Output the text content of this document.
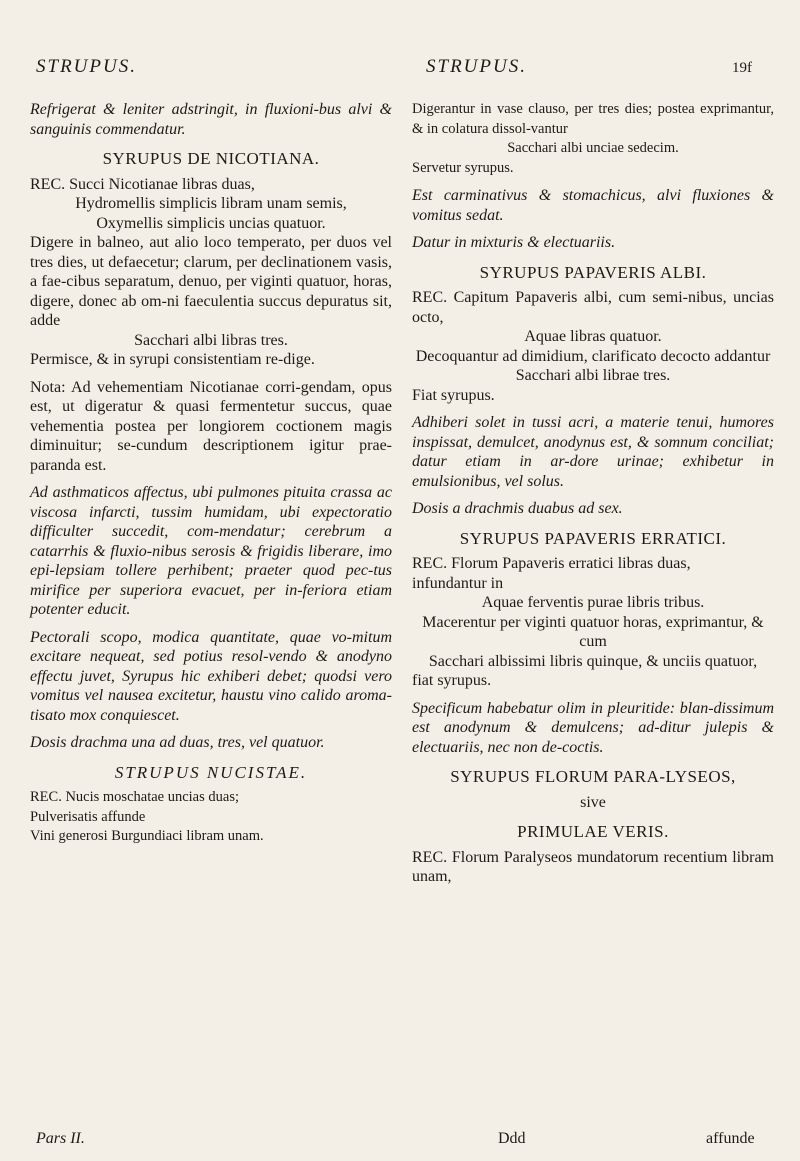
STRUPUS.	STRUPUS.	19f

Refrigerat & leniter adstringit, in fluxioni-bus alvi & sanguinis commendatur.

SYRUPUS DE NICOTIANA.

REC. Succi Nicotianae libras duas,

Hydromellis simplicis libram unam semis,

Oxymellis simplicis uncias quatuor.

Digere in balneo, aut alio loco temperato, per duos vel tres dies, ut defaecetur; clarum, per declinationem vasis, a fae-cibus separatum, denuo, per viginti quatuor, horas, digere, donec ab om-ni faeculentia succus depuratus sit, adde

Sacchari albi libras tres.

Permisce, & in syrupi consistentiam re-dige.

Nota: Ad vehementiam Nicotianae corri-gendam, opus est, ut digeratur & quasi fermentetur succus, quae vehementia postea per longiorem coctionem magis diminuitur; se-cundum descriptionem igitur prae-paranda est.

Ad asthmaticos affectus, ubi pulmones pituita crassa ac viscosa infarcti, tussim humidam, ubi expectoratio difficulter succedit, com-mendatur; cerebrum a catarrhis & fluxio-nibus serosis & frigidis liberare, imo epi-lepsiam tollere perhibent; praeter quod pec-tus mirifice per superiora evacuet, per in-feriora etiam potenter educit.

Pectorali scopo, modica quantitate, quae vo-mitum excitare nequeat, sed potius resol-vendo & anodyno effectu juvet, Syrupus hic exhiberi debet; quodsi vero vomitus vel nausea excitetur, haustu vino calido aroma-tisato mox conquiescet.

Dosis drachma una ad duas, tres, vel quatuor.

STRUPUS NUCISTAE.

REC. Nucis moschatae uncias duas;

Pulverisatis affunde

Vini generosi Burgundiaci libram unam.

Digerantur in vase clauso, per tres dies; postea exprimantur, & in colatura dissol-vantur

Sacchari albi unciae sedecim.

Servetur syrupus.

Est carminativus & stomachicus, alvi fluxiones & vomitus sedat.

Datur in mixturis & electuariis.

SYRUPUS PAPAVERIS ALBI.

REC. Capitum Papaveris albi, cum semi-nibus, uncias octo,

Aquae libras quatuor.

Decoquantur ad dimidium, clarificato decocto addantur

Sacchari albi librae tres.

Fiat syrupus.

Adhiberi solet in tussi acri, a materie tenui, humores inspissat, demulcet, anodynus est, & somnum conciliat; datur etiam in ar-dore urinae; exhibetur in emulsionibus, vel solus.

Dosis a drachmis duabus ad sex.

SYRUPUS PAPAVERIS ERRATICI.

REC. Florum Papaveris erratici libras duas,

infundantur in

Aquae ferventis purae libris tribus.

Macerentur per viginti quatuor horas, exprimantur, & cum

Sacchari albissimi libris quinque, & unciis quatuor,

fiat syrupus.

Specificum habebatur olim in pleuritide: blan-dissimum est anodynum & demulcens; ad-ditur julepis & electuariis, nec non de-coctis.

SYRUPUS FLORUM PARA-LYSEOS,

sive

PRIMULAE VERIS.

REC. Florum Paralyseos mundatorum recentium libram unam,

Pars II.	Ddd	affunde
